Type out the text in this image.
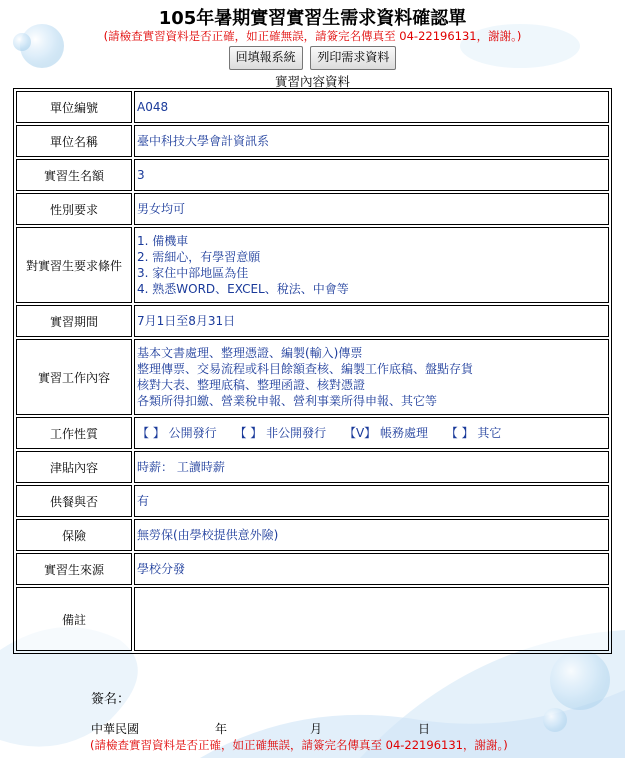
105年暑期實習實習生需求資料確認單
(請檢查實習資料是否正確，如正確無誤，請簽完名傳真至 04-22196131，謝謝。)
回填報系統 列印需求資料
實習內容資料
單位編號	A048
單位名稱	臺中科技大學會計資訊系
實習生名額	3
性別要求	男女均可
對實習生要求條件	1. 備機車
2. 需細心，有學習意願
3. 家住中部地區為佳
4. 熟悉WORD、EXCEL、稅法、中會等

實習期間	7月1日至8月31日
實習工作內容	基本文書處理、整理憑證、編製(輸入)傳票
整理傳票、交易流程或科目餘額查核、編製工作底稿、盤點存貨
核對大表、整理底稿、整理函證、核對憑證
各類所得扣繳、營業稅申報、營利事業所得申報、其它等

工作性質	【 】 公開發行 【 】 非公開發行 【V】 帳務處理 【 】 其它
津貼內容	時薪： 工讀時薪
供餐與否	有
保險	無勞保(由學校提供意外險)
實習生來源	學校分發
備註	
簽名：
中華民國	年	月	日
(請檢查實習資料是否正確，如正確無誤，請簽完名傳真至 04-22196131，謝謝。)
